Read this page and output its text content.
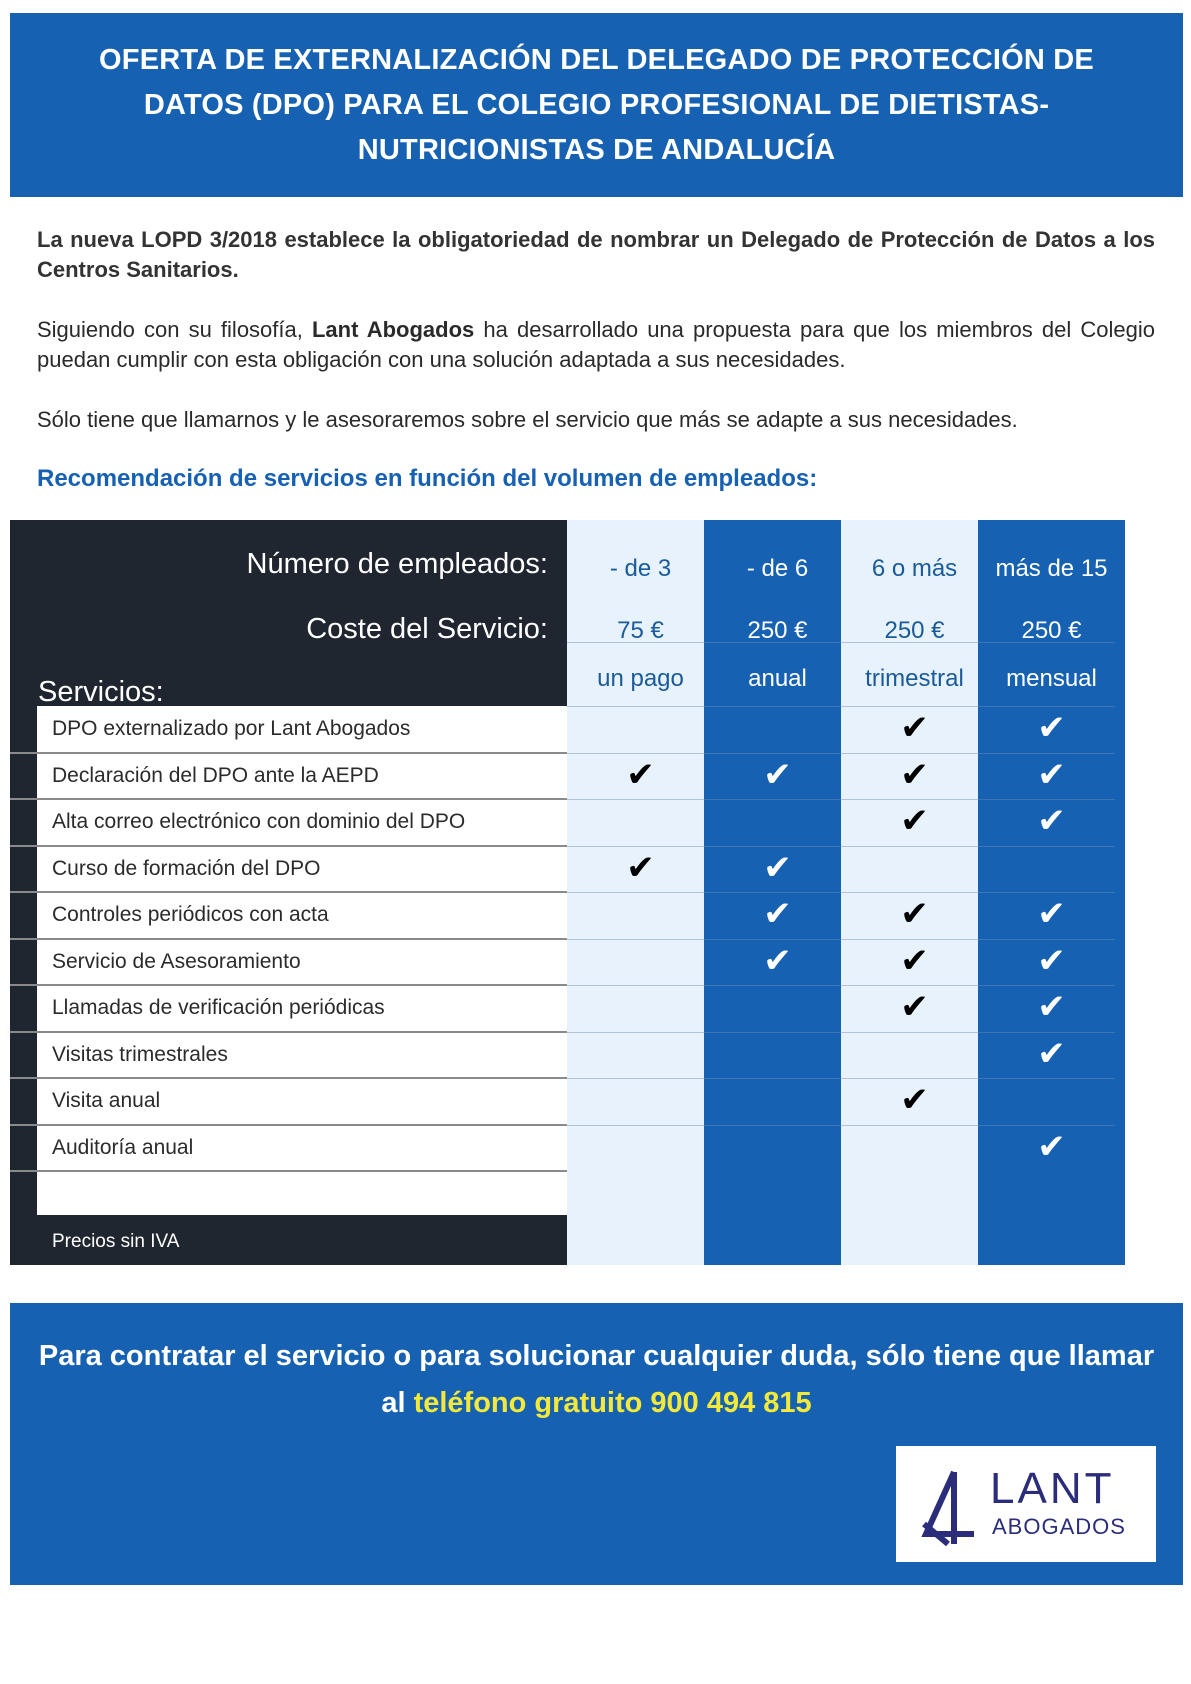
OFERTA DE EXTERNALIZACIÓN DEL DELEGADO DE PROTECCIÓN DE DATOS (DPO) PARA EL COLEGIO PROFESIONAL DE DIETISTAS-NUTRICIONISTAS DE ANDALUCÍA

La nueva LOPD 3/2018 establece la obligatoriedad de nombrar un Delegado de Protección de Datos a los Centros Sanitarios.

Siguiendo con su filosofía, Lant Abogados ha desarrollado una propuesta para que los miembros del Colegio puedan cumplir con esta obligación con una solución adaptada a sus necesidades.

Sólo tiene que llamarnos y le asesoraremos sobre el servicio que más se adapte a sus necesidades.

Recomendación de servicios en función del volumen de empleados:
Número de empleados:
Coste del Servicio:
Servicios:
Precios sin IVA
- de 3
75 €
un pago
✔
✔
- de 6
250 €
anual
✔
✔
✔
✔
6 o más
250 €
trimestral
✔
✔
✔
✔
✔
✔
✔
más de 15
250 €
mensual
✔
✔
✔
✔
✔
✔
✔
✔
DPO externalizado por Lant Abogados
Declaración del DPO ante la AEPD
Alta correo electrónico con dominio del DPO
Curso de formación del DPO
Controles periódicos con acta
Servicio de Asesoramiento
Llamadas de verificación periódicas
Visitas trimestrales
Visita anual
Auditoría anual

Para contratar el servicio o para solucionar cualquier duda, sólo tiene que llamar al teléfono gratuito 900 494 815

LANT
ABOGADOS
